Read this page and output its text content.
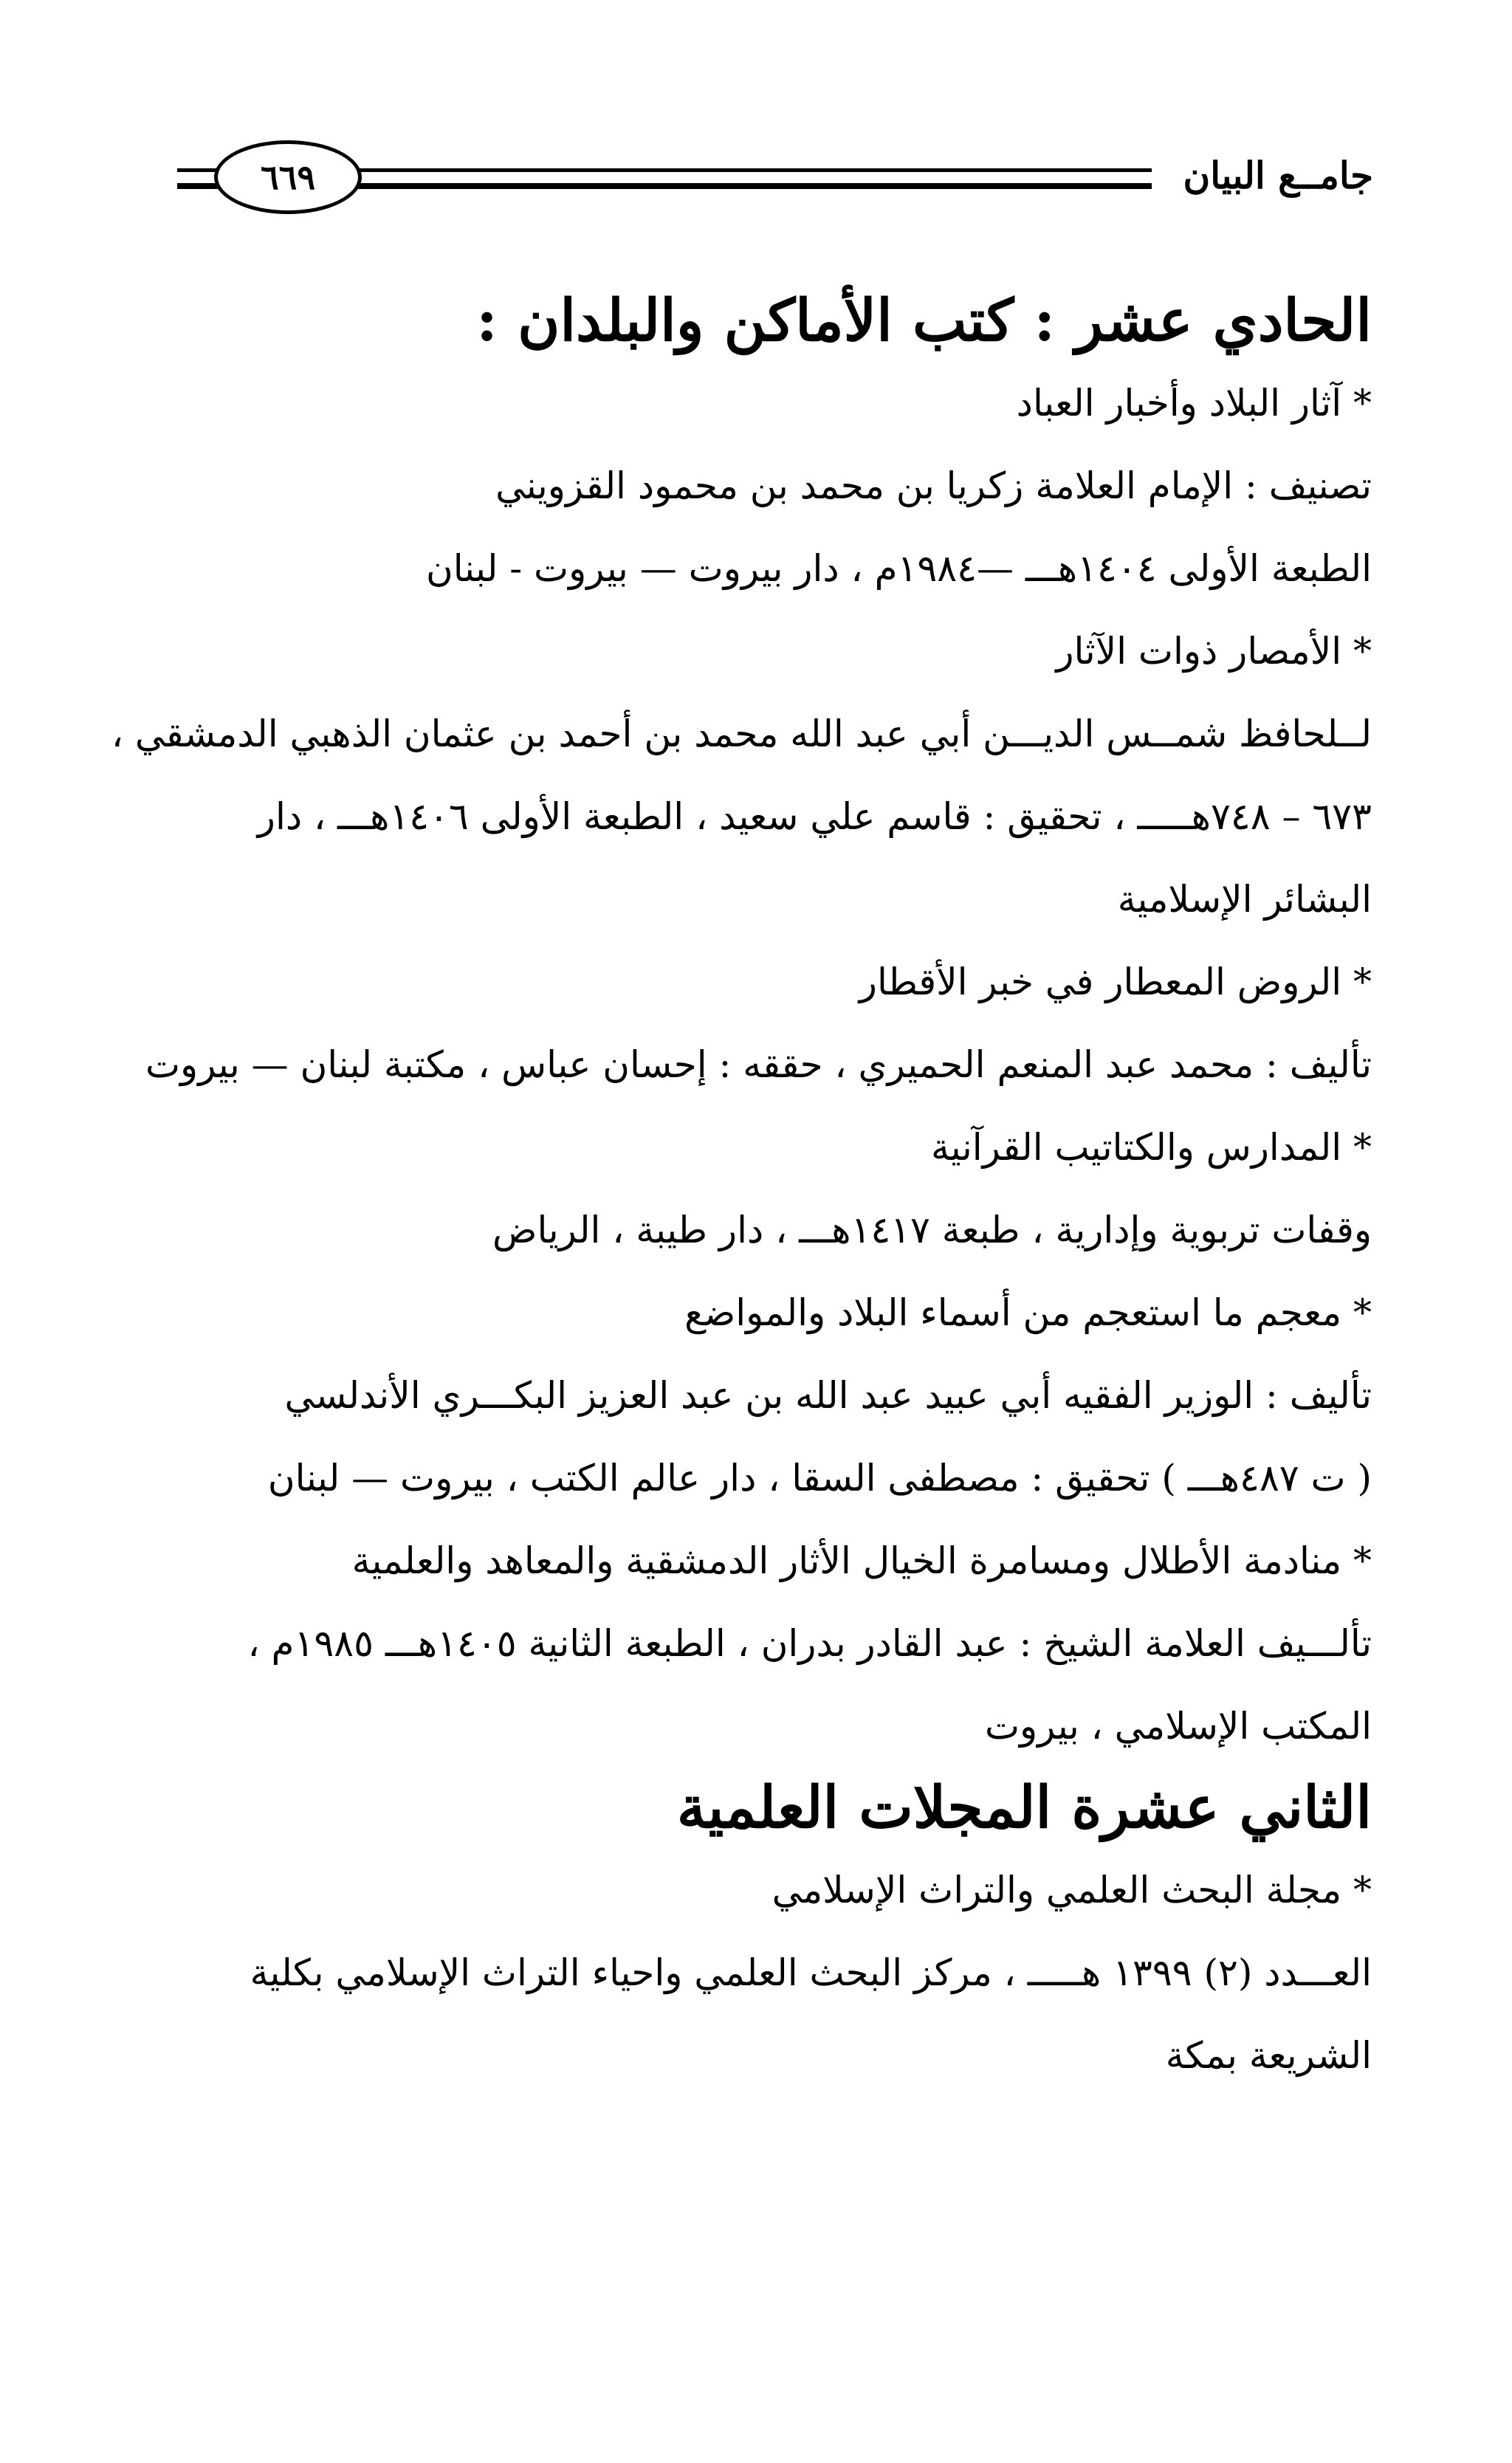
٦٦٩	جامــع البيان

الحادي عشر : كتب الأماكن والبلدان :

* آثار البلاد وأخبار العباد

تصنيف : الإمام العلامة زكريا بن محمد بن محمود القزويني

الطبعة الأولى ١٤٠٤هـــ —١٩٨٤م ، دار بيروت — بيروت - لبنان

* الأمصار ذوات الآثار

لــلحافظ شمــس الديـــن أبي عبد الله محمد بن أحمد بن عثمان الذهبي الدمشقي ،

٦٧٣ – ٧٤٨هـــــ ، تحقيق : قاسم علي سعيد ، الطبعة الأولى ١٤٠٦هـــ ، دار

البشائر الإسلامية

* الروض المعطار في خبر الأقطار

تأليف : محمد عبد المنعم الحميري ، حققه : إحسان عباس ، مكتبة لبنان — بيروت

* المدارس والكتاتيب القرآنية

وقفات تربوية وإدارية ، طبعة ١٤١٧هـــ ، دار طيبة ، الرياض

* معجم ما استعجم من أسماء البلاد والمواضع

تأليف : الوزير الفقيه أبي عبيد عبد الله بن عبد العزيز البكـــري الأندلسي

( ت ٤٨٧هـــ ) تحقيق : مصطفى السقا ، دار عالم الكتب ، بيروت — لبنان

* منادمة الأطلال ومسامرة الخيال الأثار الدمشقية والمعاهد والعلمية

تألـــيف العلامة الشيخ : عبد القادر بدران ، الطبعة الثانية ١٤٠٥هـــ ١٩٨٥م ،

المكتب الإسلامي ، بيروت

الثاني عشرة المجلات العلمية

* مجلة البحث العلمي والتراث الإسلامي

العـــدد (٢) ١٣٩٩ هـــــ ، مركز البحث العلمي واحياء التراث الإسلامي بكلية

الشريعة بمكة
